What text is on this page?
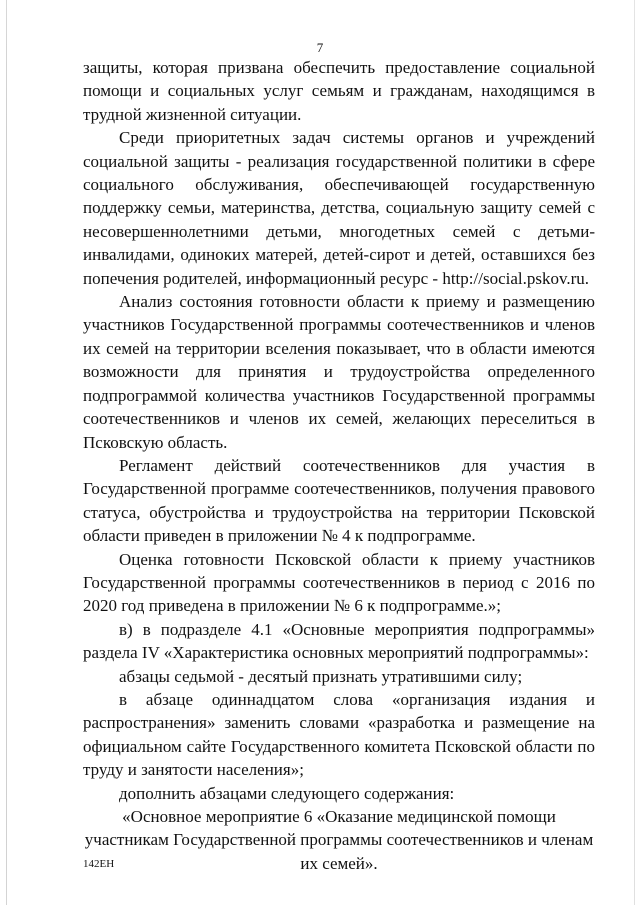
7

защиты, которая призвана обеспечить предоставление социальной помощи и социальных услуг семьям и гражданам, находящимся в трудной жизненной ситуации.

Среди приоритетных задач системы органов и учреждений социальной защиты - реализация государственной политики в сфере социального обслуживания, обеспечивающей государственную поддержку семьи, материнства, детства, социальную защиту семей с несовершеннолетними детьми, многодетных семей с детьми-инвалидами, одиноких матерей, детей-сирот и детей, оставшихся без попечения родителей, информационный ресурс - http://social.pskov.ru.

Анализ состояния готовности области к приему и размещению участников Государственной программы соотечественников и членов их семей на территории вселения показывает, что в области имеются возможности для принятия и трудоустройства определенного подпрограммой количества участников Государственной программы соотечественников и членов их семей, желающих переселиться в Псковскую область.

Регламент действий соотечественников для участия в Государственной программе соотечественников, получения правового статуса, обустройства и трудоустройства на территории Псковской области приведен в приложении № 4 к подпрограмме.

Оценка готовности Псковской области к приему участников Государственной программы соотечественников в период с 2016 по 2020 год приведена в приложении № 6 к подпрограмме.»;

в) в подразделе 4.1 «Основные мероприятия подпрограммы» раздела IV «Характеристика основных мероприятий подпрограммы»:

абзацы седьмой - десятый признать утратившими силу;

в абзаце одиннадцатом слова «организация издания и распространения» заменить словами «разработка и размещение на официальном сайте Государственного комитета Псковской области по труду и занятости населения»;

дополнить абзацами следующего содержания:

«Основное мероприятие 6 «Оказание медицинской помощи участникам Государственной программы соотечественников и членам их семей».

142ЕН
